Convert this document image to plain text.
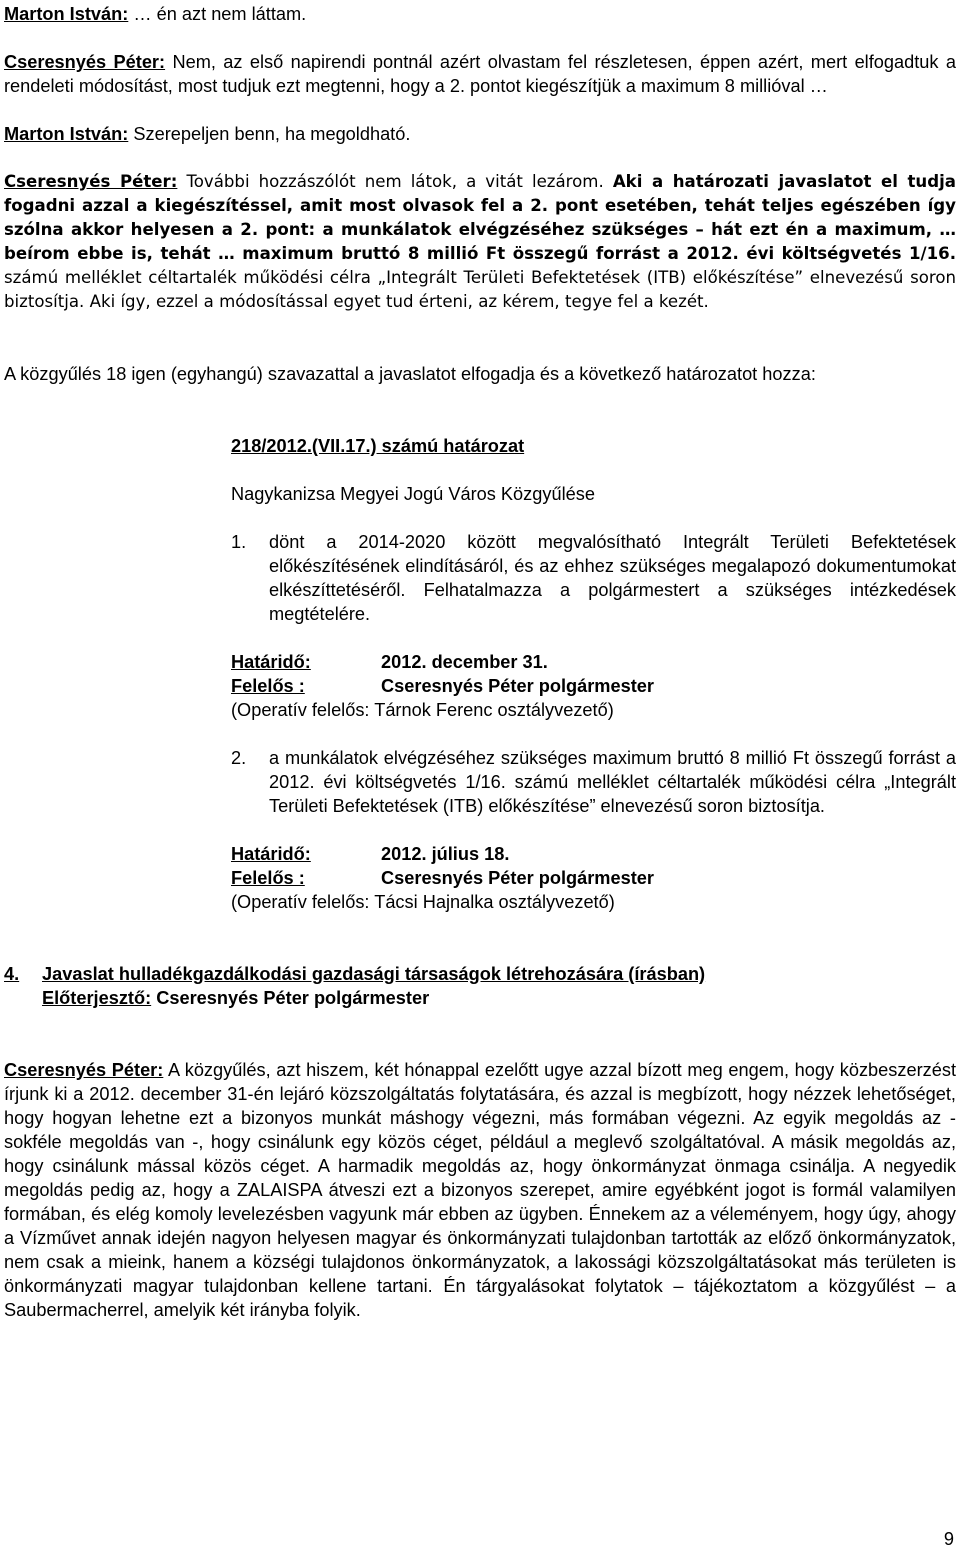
Marton István: … én azt nem láttam.

Cseresnyés Péter: Nem, az első napirendi pontnál azért olvastam fel részletesen, éppen azért, mert elfogadtuk a rendeleti módosítást, most tudjuk ezt megtenni, hogy a 2. pontot kiegészítjük a maximum 8 millióval …

Marton István: Szerepeljen benn, ha megoldható.

Cseresnyés Péter: További hozzászólót nem látok, a vitát lezárom. Aki a határozati javaslatot el tudja fogadni azzal a kiegészítéssel, amit most olvasok fel a 2. pont esetében, tehát teljes egészében így szólna akkor helyesen a 2. pont: a munkálatok elvégzéséhez szükséges – hát ezt én a maximum, … beírom ebbe is, tehát … maximum bruttó 8 millió Ft összegű forrást a 2012. évi költségvetés 1/16. számú melléklet céltartalék működési célra „Integrált Területi Befektetések (ITB) előkészítése” elnevezésű soron biztosítja. Aki így, ezzel a módosítással egyet tud érteni, az kérem, tegye fel a kezét.

A közgyűlés 18 igen (egyhangú) szavazattal a javaslatot elfogadja és a következő határozatot hozza:

218/2012.(VII.17.) számú határozat
Nagykanizsa Megyei Jogú Város Közgyűlése
1.	dönt a 2014-2020 között megvalósítható Integrált Területi Befektetések előkészítésének elindításáról, és az ehhez szükséges megalapozó dokumentumokat elkészíttetéséről. Felhatalmazza a polgármestert a szükséges intézkedések megtételére.
Határidő:	2012. december 31.
Felelős :	Cseresnyés Péter polgármester
(Operatív felelős: Tárnok Ferenc osztályvezető)
2.	a munkálatok elvégzéséhez szükséges maximum bruttó 8 millió Ft összegű forrást a 2012. évi költségvetés 1/16. számú melléklet céltartalék működési célra „Integrált Területi Befektetések (ITB) előkészítése” elnevezésű soron biztosítja.
Határidő:	2012. július 18.
Felelős :	Cseresnyés Péter polgármester
(Operatív felelős: Tácsi Hajnalka osztályvezető)
4.	Javaslat hulladékgazdálkodási gazdasági társaságok létrehozására (írásban)
Előterjesztő: Cseresnyés Péter polgármester

Cseresnyés Péter: A közgyűlés, azt hiszem, két hónappal ezelőtt ugye azzal bízott meg engem, hogy közbeszerzést írjunk ki a 2012. december 31-én lejáró közszolgáltatás folytatására, és azzal is megbízott, hogy nézzek lehetőséget, hogy hogyan lehetne ezt a bizonyos munkát máshogy végezni, más formában végezni. Az egyik megoldás az - sokféle megoldás van -, hogy csinálunk egy közös céget, például a meglevő szolgáltatóval. A másik megoldás az, hogy csinálunk mással közös céget. A harmadik megoldás az, hogy önkormányzat önmaga csinálja. A negyedik megoldás pedig az, hogy a ZALAISPA átveszi ezt a bizonyos szerepet, amire egyébként jogot is formál valamilyen formában, és elég komoly levelezésben vagyunk már ebben az ügyben. Énnekem az a véleményem, hogy úgy, ahogy a Vízművet annak idején nagyon helyesen magyar és önkormányzati tulajdonban tartották az előző önkormányzatok, nem csak a mieink, hanem a községi tulajdonos önkormányzatok, a lakossági közszolgáltatásokat más területen is önkormányzati magyar tulajdonban kellene tartani. Én tárgyalásokat folytatok – tájékoztatom a közgyűlést – a Saubermacherrel, amelyik két irányba folyik.

9
